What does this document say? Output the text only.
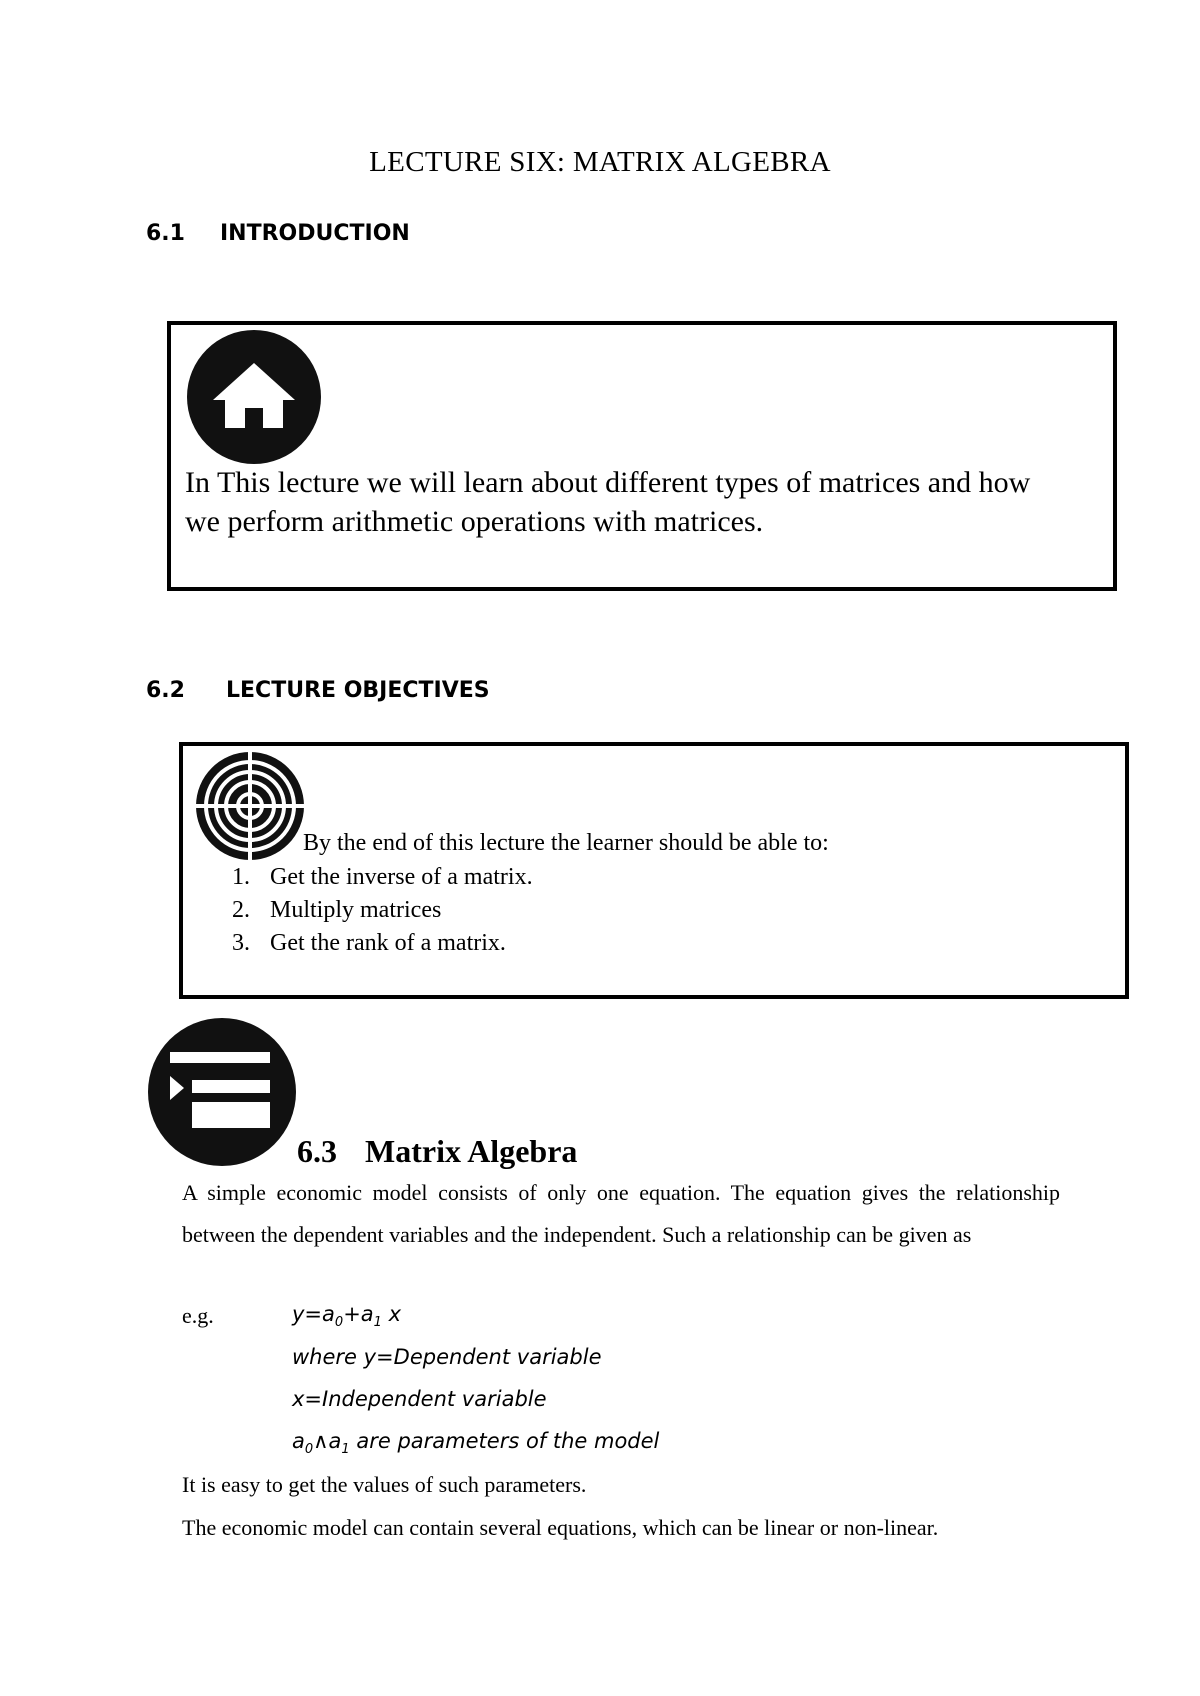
LECTURE SIX: MATRIX ALGEBRA
6.1 INTRODUCTION
In This lecture we will learn about different types of matrices and how
we perform arithmetic operations with matrices.
6.2 LECTURE OBJECTIVES
By the end of this lecture the learner should be able to:
1. Get the inverse of a matrix.
2. Multiply matrices
3. Get the rank of a matrix.
6.3 Matrix Algebra
A simple economic model consists of only one equation. The equation gives the relationship between the dependent variables and the independent. Such a relationship can be given as
e.g.	$y=a_0+a_1$ x
where y=Dependent variable
x=Independent variable
$a_0\wedge a_1$ are parameters of the model
It is easy to get the values of such parameters.
The economic model can contain several equations, which can be linear or non-linear.
